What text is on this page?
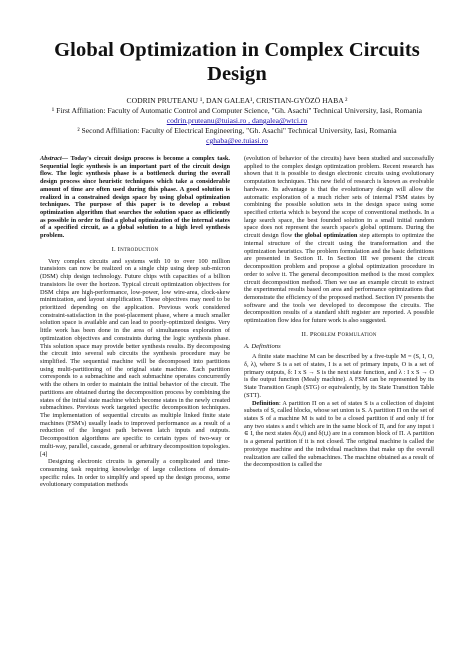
Global Optimization in Complex Circuits Design
CODRIN PRUTEANU ¹, DAN GALEA¹, CRISTIAN-GYÖZÖ HABA ²
¹ First Affiliation: Faculty of Automatic Control and Computer Science, "Gh. Asachi" Technical University, Iasi, Romania
codrin.pruteanu@tuiasi.ro , dangalea@wtci.ro
² Second Affiliation: Faculty of Electrical Engineering, "Gh. Asachi" Technical University, Iasi, Romania
cghaba@ee.tuiasi.ro

Abstract— Today's circuit design process is become a complex task. Sequential logic synthesis is an important part of the circuit design flow. The logic synthesis phase is a bottleneck during the overall design process since heuristic techniques which take a considerable amount of time are often used during this phase. A good solution is realized in a constrained design space by using global optimization techniques. The purpose of this paper is to develop a robust optimization algorithm that searches the solution space as efficiently as possible in order to find a global optimization of the internal states of a specified circuit, as a global solution to a high level synthesis problem.

I. Introduction

Very complex circuits and systems with 10 to over 100 million transistors can now be realized on a single chip using deep sub-micron (DSM) chip design technology. Future chips with capacities of a billion transistors lie over the horizon. Typical circuit optimization objectives for DSM chips are high-performance, low-power, low wire-area, clock-skew minimization, and layout simplification. These objectives may need to be prioritized depending on the application. Previous work considered constraint-satisfaction in the post-placement phase, where a much smaller solution space is available and can lead to poorly-optimized designs. Very little work has been done in the area of simultaneous exploration of optimization objectives and constraints during the logic synthesis phase. This solution space may provide better synthesis results. By decomposing the circuit into several sub circuits the synthesis procedure may be simplified. The sequential machine will be decomposed into partitions using multi-partitioning of the original state machine. Each partition corresponds to a submachine and each submachine operates concurrently with the others in order to maintain the initial behavior of the circuit. The partitions are obtained during the decomposition process by combining the states of the initial state machine which become states in the newly created submachines. Previous work targeted specific decomposition techniques. The implementation of sequential circuits as multiple linked finite state machines (FSM's) usually leads to improved performance as a result of a reduction of the longest path between latch inputs and outputs. Decomposition algorithms are specific to certain types of two-way or multi-way, parallel, cascade, general or arbitrary decomposition topologies. [4]

Designing electronic circuits is generally a complicated and time-consuming task requiring knowledge of large collections of domain-specific rules. In order to simplify and speed up the design process, some evolutionary computation methods

(evolution of behavior of the circuits) have been studied and successfully applied to the complex design optimization problem. Recent research has shown that it is possible to design electronic circuits using evolutionary computation techniques. This new field of research is known as evolvable hardware. Its advantage is that the evolutionary design will allow the automatic exploration of a much richer sets of internal FSM states by combining the possible solution sets in the design space using some specified criteria which is beyond the scope of conventional methods. In a large search space, the best founded solution in a small initial random space does not represent the search space's global optimum. During the circuit design flow the global optimization step attempts to optimize the internal structure of the circuit using the transformation and the optimization heuristics. The problem formulation and the basic definitions are presented in Section II. In Section III we present the circuit decomposition problem and propose a global optimization procedure in order to solve it. The general decomposition method is the most complex circuit decomposition method. Then we use an example circuit to extract the experimental results based on area and performance optimizations that demonstrate the efficiency of the proposed method. Section IV presents the software and the tools we developed to decompose the circuits. The decomposition results of a standard shift register are reported. A possible optimization flow idea for future work is also suggested.

II. Problem Formulation
A. Definitions

A finite state machine M can be described by a five-tuple M = (S, I, O, δ, λ), where S is a set of states, I is a set of primary inputs, O is a set of primary outputs, δ: I x S → S is the next state function, and λ : I x S → O is the output function (Mealy machine). A FSM can be represented by its State Transition Graph (STG) or equivalently, by its State Transition Table (STT).

Definition: A partition Π on a set of states S is a collection of disjoint subsets of S, called blocks, whose set union is S. A partition Π on the set of states S of a machine M is said to be a closed partition if and only if for any two states s and t which are in the same block of Π, and for any input i ∈ I, the next states δ(s,i) and δ(t,i) are in a common block of Π. A partition is a general partition if it is not closed. The original machine is called the prototype machine and the individual machines that make up the overall realization are called the submachines. The machine obtained as a result of the decomposition is called the
